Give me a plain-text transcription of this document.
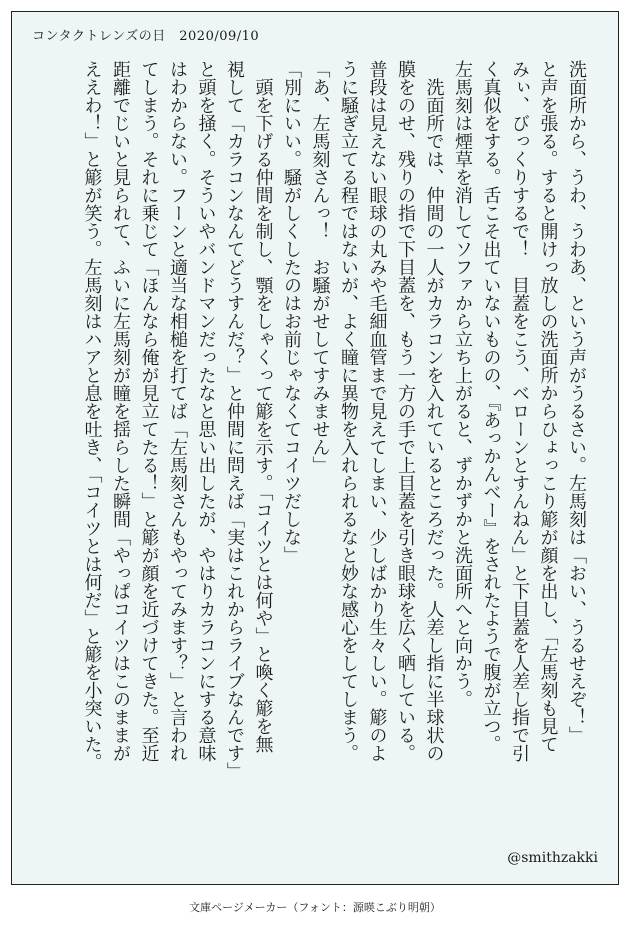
コンタクトレンズの日　2020/09/10

洗面所から、うわ、うわあ、という声がうるさい。左馬刻は「おい、うるせえぞ！」
と声を張る。すると開けっ放しの洗面所からひょっこり簓が顔を出し、「左馬刻も見て
みぃ、びっくりするで！　目蓋をこう、ベローンとすんねん」と下目蓋を人差し指で引
く真似をする。舌こそ出ていないものの、『あっかんべー』をされたようで腹が立つ。
左馬刻は煙草を消してソファから立ち上がると、ずかずかと洗面所へと向かう。
　洗面所では、仲間の一人がカラコンを入れているところだった。人差し指に半球状の
膜をのせ、残りの指で下目蓋を、もう一方の手で上目蓋を引き眼球を広く晒している。
普段は見えない眼球の丸みや毛細血管まで見えてしまい、少しばかり生々しい。簓のよ
うに騒ぎ立てる程ではないが、よく瞳に異物を入れられるなと妙な感心をしてしまう。
「あ、左馬刻さんっ！　お騒がせしてすみません」
「別にいい。騒がしくしたのはお前じゃなくてコイツだしな」
　頭を下げる仲間を制し、顎をしゃくって簓を示す。「コイツとは何や」と喚く簓を無
視して「カラコンなんてどうすんだ？」と仲間に問えば「実はこれからライブなんです」
と頭を掻く。そういやバンドマンだったなと思い出したが、やはりカラコンにする意味
はわからない。フーンと適当な相槌を打てば「左馬刻さんもやってみます？」と言われ
てしまう。それに乗じて「ほんなら俺が見立てたる！」と簓が顔を近づけてきた。至近
距離でじいと見られて、ふいに左馬刻が瞳を揺らした瞬間「やっぱコイツはこのままが
ええわ！」と簓が笑う。左馬刻はハアと息を吐き、「コイツとは何だ」と簓を小突いた。

@smithzakki
文庫ページメーカー（フォント：源暎こぶり明朝）
